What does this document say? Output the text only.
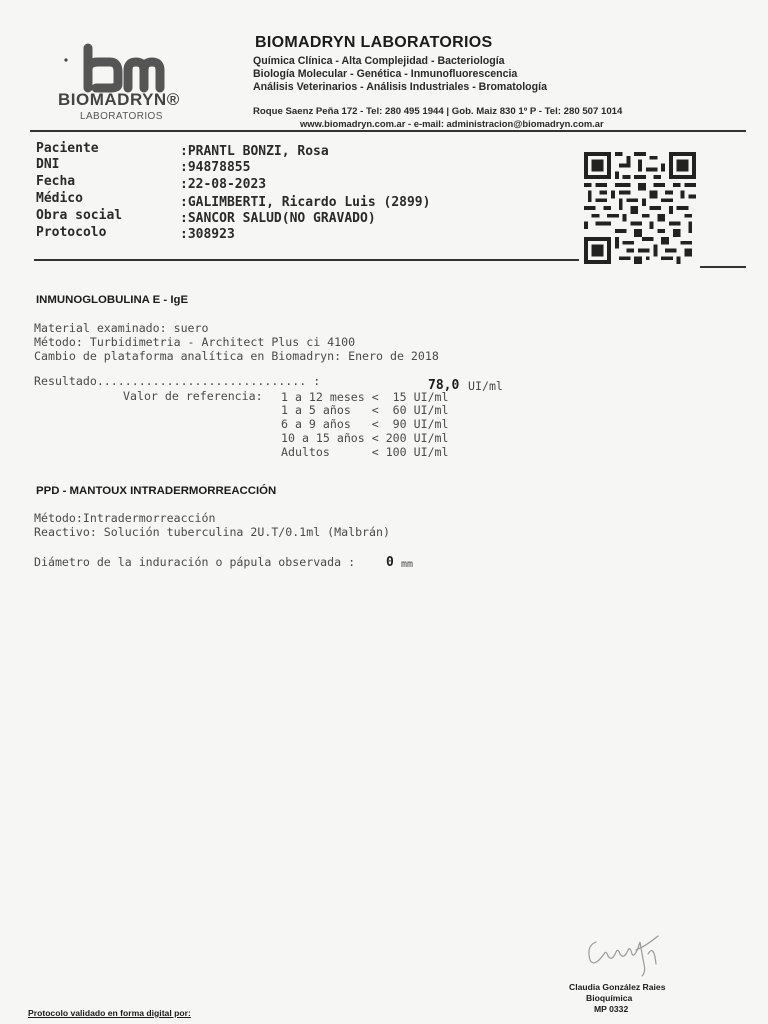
BIOMADRYN®
LABORATORIOS
BIOMADRYN LABORATORIOS
Química Clínica - Alta Complejidad - Bacteriología
Biología Molecular - Genética - Inmunofluorescencia
Análisis Veterinarios - Análisis Industriales - Bromatología
Roque Saenz Peña 172 - Tel: 280 495 1944 | Gob. Maiz 830 1º P - Tel: 280 507 1014
www.biomadryn.com.ar - e-mail: administracion@biomadryn.com.ar
Paciente	:PRANTL BONZI, Rosa
DNI	:94878855
Fecha	:22-08-2023
Médico	:GALIMBERTI, Ricardo Luis (2899)
Obra social	:SANCOR SALUD(NO GRAVADO)
Protocolo	:308923
INMUNOGLOBULINA E - IgE
Material examinado: suero
Método: Turbidimetria - Architect Plus ci 4100
Cambio de plataforma analítica en Biomadryn: Enero de 2018
Resultado.............................. :	78,0 UI/ml
Valor de referencia: 1 a 12 meses <  15 UI/ml
1 a 5 años   <  60 UI/ml
6 a 9 años   <  90 UI/ml
10 a 15 años < 200 UI/ml
Adultos      < 100 UI/ml
PPD - MANTOUX INTRADERMORREACCIÓN
Método:Intradermorreacción
Reactivo: Solución tuberculina 2U.T/0.1ml (Malbrán)
Diámetro de la induración o pápula observada : 0 mm
Claudia González Raies
Bioquímica
MP 0332
Protocolo validado en forma digital por:
